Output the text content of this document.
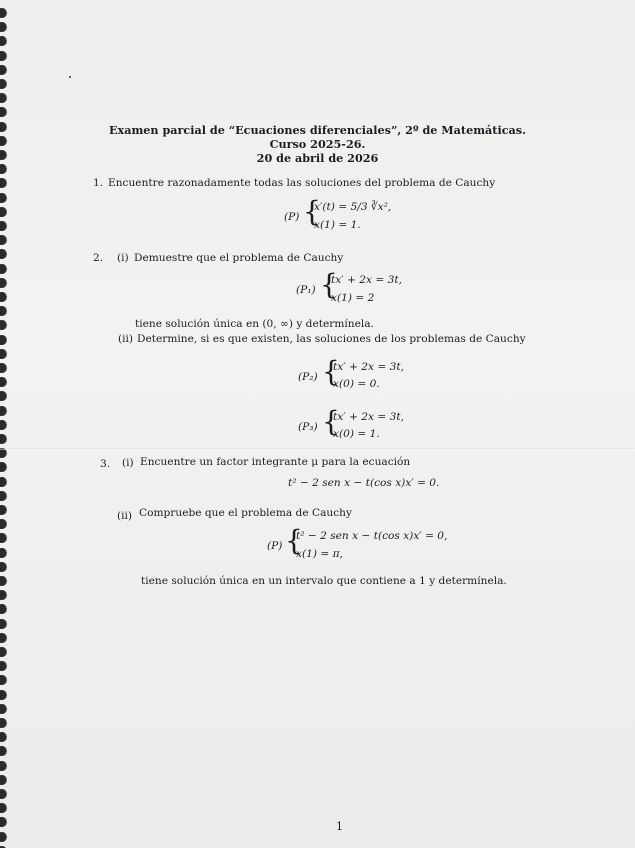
Examen parcial de “Ecuaciones diferenciales”, 2º de Matemáticas.
Curso 2025-26.
20 de abril de 2026
1. Encuentre razonadamente todas las soluciones del problema de Cauchy
(P) {
x′(t) = 5/3 ∛x²,
x(1) = 1.
2. (i) Demuestre que el problema de Cauchy
(P₁) {
tx′ + 2x = 3t,
x(1) = 2
tiene solución única en (0, ∞) y determínela.
(ii) Determine, si es que existen, las soluciones de los problemas de Cauchy
(P₂) {
tx′ + 2x = 3t,
x(0) = 0.
(P₃) {
tx′ + 2x = 3t,
x(0) = 1.
3. (i) Encuentre un factor integrante μ para la ecuación
t² − 2 sen x − t(cos x)x′ = 0.
(ii) Compruebe que el problema de Cauchy
(P) {
t² − 2 sen x − t(cos x)x′ = 0,
x(1) = π,
tiene solución única en un intervalo que contiene a 1 y determínela.
1
